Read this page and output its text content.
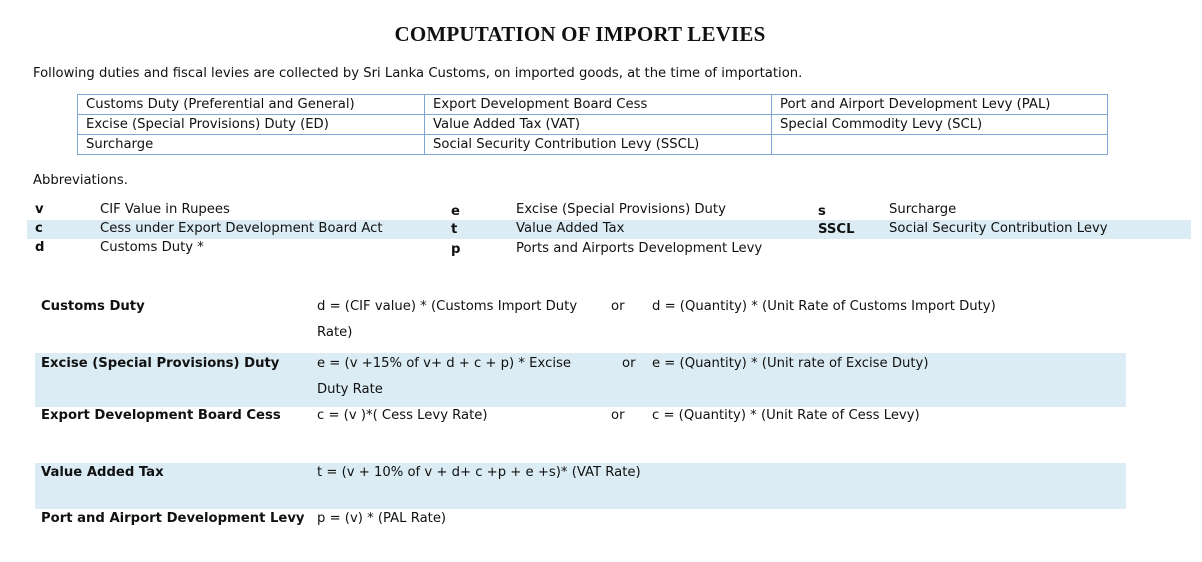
COMPUTATION OF IMPORT LEVIES
Following duties and fiscal levies are collected by Sri Lanka Customs, on imported goods, at the time of importation.
Customs Duty (Preferential and General)	Export Development Board Cess	Port and Airport Development Levy (PAL)
Excise (Special Provisions) Duty (ED)	Value Added Tax (VAT)	Special Commodity Levy (SCL)
Surcharge	Social Security Contribution Levy (SSCL)	
Abbreviations.
v	CIF Value in Rupees	e	Excise (Special Provisions) Duty	s	Surcharge
c	Cess under Export Development Board Act	t	Value Added Tax	SSCL	Social Security Contribution Levy
d	Customs Duty *	p	Ports and Airports Development Levy
Customs Duty	d = (CIF value) * (Customs Import Duty	or d = (Quantity) * (Unit Rate of Customs Import Duty)
Rate)
Excise (Special Provisions) Duty	e = (v +15% of v+ d + c + p) * Excise	or e = (Quantity) * (Unit rate of Excise Duty)
Duty Rate
Export Development Board Cess	c = (v )*( Cess Levy Rate)	or c = (Quantity) * (Unit Rate of Cess Levy)
Value Added Tax	t = (v + 10% of v + d+ c +p + e +s)* (VAT Rate)
Port and Airport Development Levy p = (v) * (PAL Rate)
